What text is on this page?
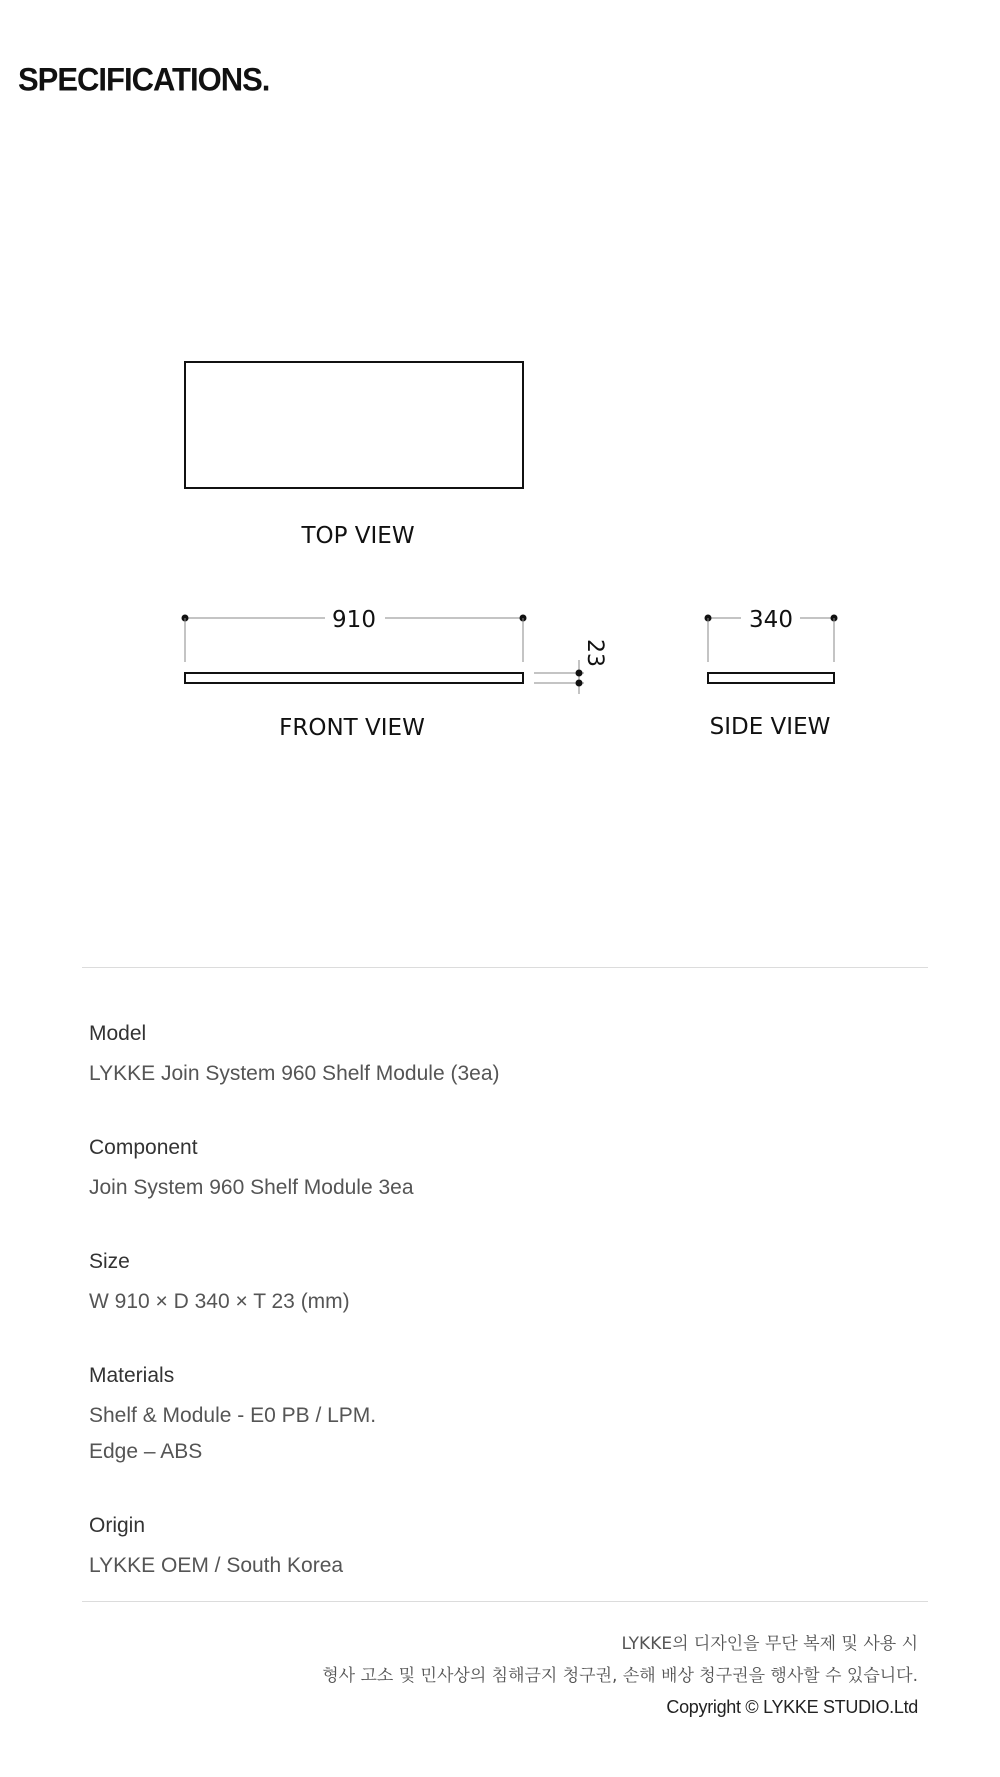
SPECIFICATIONS.
TOP VIEW
910
23
FRONT VIEW
340
SIDE VIEW
Model
LYKKE Join System 960 Shelf Module (3ea)
Component
Join System 960 Shelf Module 3ea
Size
W 910 × D 340 × T 23 (mm)
Materials
Shelf & Module - E0 PB / LPM.
Edge – ABS
Origin
LYKKE OEM / South Korea
LYKKE의 디자인을 무단 복제 및 사용 시
형사 고소 및 민사상의 침해금지 청구권, 손해 배상 청구권을 행사할 수 있습니다.
Copyright © LYKKE STUDIO.Ltd
